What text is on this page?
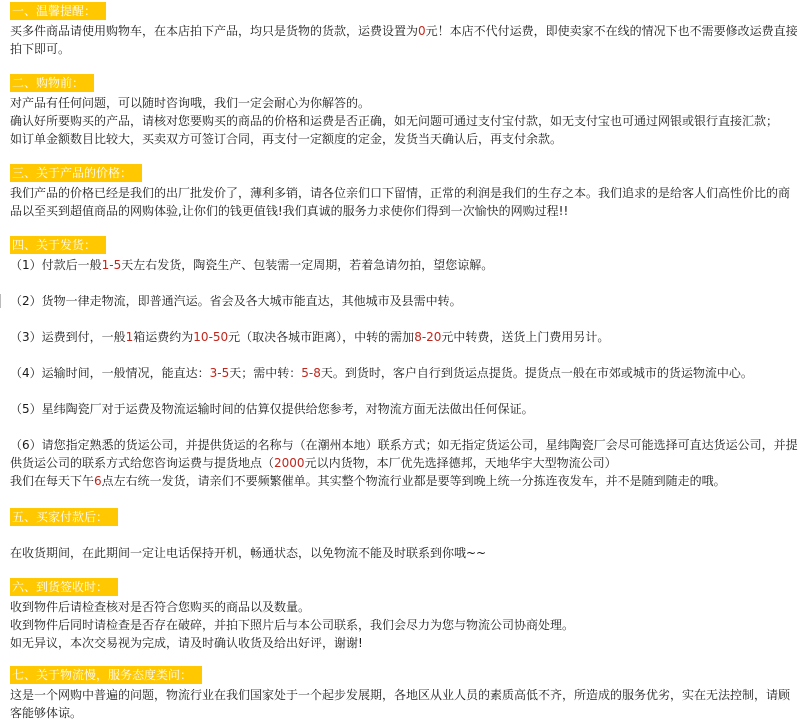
一、温馨提醒：
买多件商品请使用购物车，在本店拍下产品，均只是货物的货款，运费设置为0元！本店不代付运费，即使卖家不在线的情况下也不需要修改运费直接
拍下即可。
二、购物前：
对产品有任何问题，可以随时咨询哦，我们一定会耐心为你解答的。
确认好所要购买的产品，请核对您要购买的商品的价格和运费是否正确，如无问题可通过支付宝付款，如无支付宝也可通过网银或银行直接汇款；
如订单金额数目比较大，买卖双方可签订合同，再支付一定额度的定金，发货当天确认后，再支付余款。
三、关于产品的价格：
我们产品的价格已经是我们的出厂批发价了，薄利多销，请各位亲们口下留情，正常的利润是我们的生存之本。我们追求的是给客人们高性价比的商
品以至买到超值商品的网购体验,让你们的钱更值钱!我们真诚的服务力求使你们得到一次愉快的网购过程!!
四、关于发货：
（1）付款后一般1-5天左右发货，陶瓷生产、包装需一定周期，若着急请勿拍，望您谅解。
（2）货物一律走物流，即普通汽运。省会及各大城市能直达，其他城市及县需中转。
（3）运费到付，一般1箱运费约为10-50元（取决各城市距离），中转的需加8-20元中转费，送货上门费用另计。
（4）运输时间，一般情况，能直达：3-5天；需中转：5-8天。到货时，客户自行到货运点提货。提货点一般在市郊或城市的货运物流中心。
（5）星纬陶瓷厂对于运费及物流运输时间的估算仅提供给您参考，对物流方面无法做出任何保证。
（6）请您指定熟悉的货运公司，并提供货运的名称与（在潮州本地）联系方式；如无指定货运公司，星纬陶瓷厂会尽可能选择可直达货运公司，并提
供货运公司的联系方式给您咨询运费与提货地点（2000元以内货物，本厂优先选择德邦，天地华宇大型物流公司）
我们在每天下午6点左右统一发货，请亲们不要频繁催单。其实整个物流行业都是要等到晚上统一分拣连夜发车，并不是随到随走的哦。
五、买家付款后：
在收货期间，在此期间一定让电话保持开机，畅通状态，以免物流不能及时联系到你哦~~
六、到货签收时：
收到物件后请检查核对是否符合您购买的商品以及数量。
收到物件后同时请检查是否存在破碎，并拍下照片后与本公司联系，我们会尽力为您与物流公司协商处理。
如无异议，本次交易视为完成，请及时确认收货及给出好评，谢谢!
七、关于物流慢，服务态度类问：
这是一个网购中普遍的问题，物流行业在我们国家处于一个起步发展期，各地区从业人员的素质高低不齐，所造成的服务优劣，实在无法控制，请顾
客能够体谅。
